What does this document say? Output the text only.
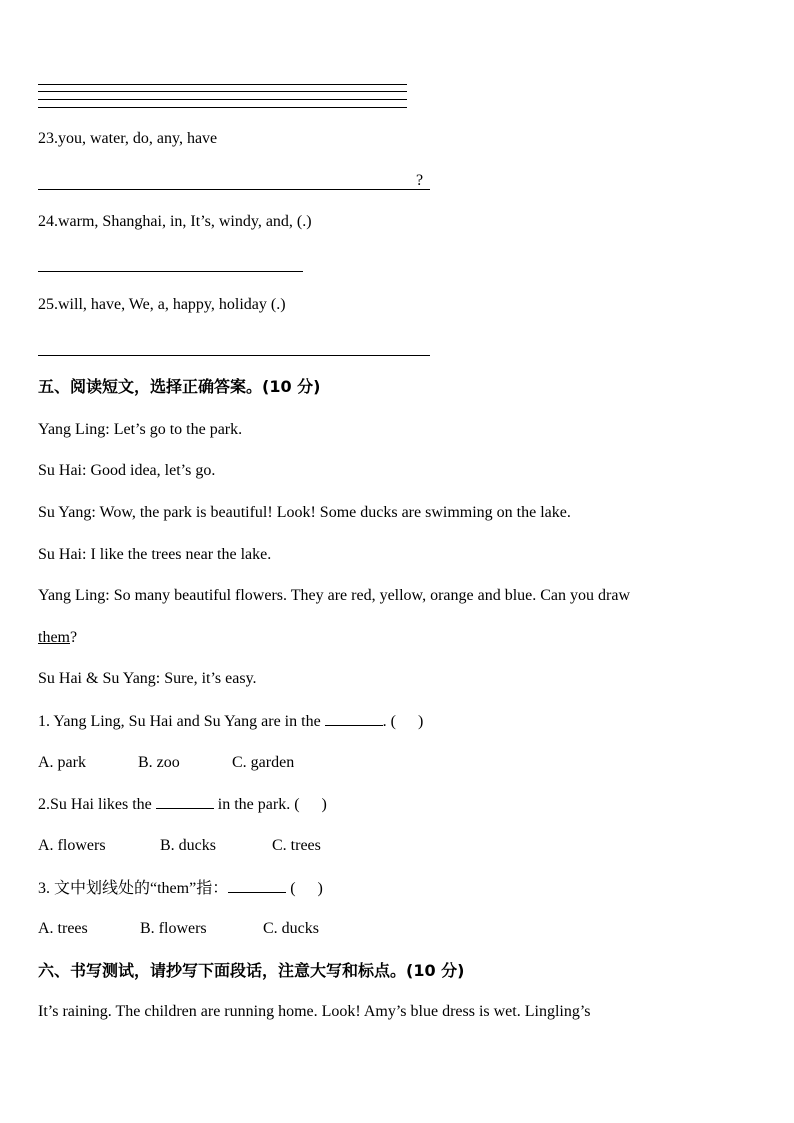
23.you, water, do, any, have
?
24.warm, Shanghai, in, It’s, windy, and, (.)
25.will, have, We, a, happy, holiday (.)
五、阅读短文，选择正确答案。(10 分)
Yang Ling: Let’s go to the park.
Su Hai: Good idea, let’s go.
Su Yang: Wow, the park is beautiful! Look! Some ducks are swimming on the lake.
Su Hai: I like the trees near the lake.
Yang Ling: So many beautiful flowers. They are red, yellow, orange and blue. Can you draw
them?
Su Hai & Su Yang: Sure, it’s easy.
1. Yang Ling, Su Hai and Su Yang are in the	. ( )
A. park	B. zoo	C. garden
2.Su Hai likes the	in the park. ( )
A. flowers	B. ducks	C. trees
3. 文中划线处的“them”指：	( )
A. trees	B. flowers	C. ducks
六、书写测试，请抄写下面段话，注意大写和标点。(10 分)
It’s raining. The children are running home. Look! Amy’s blue dress is wet. Lingling’s
